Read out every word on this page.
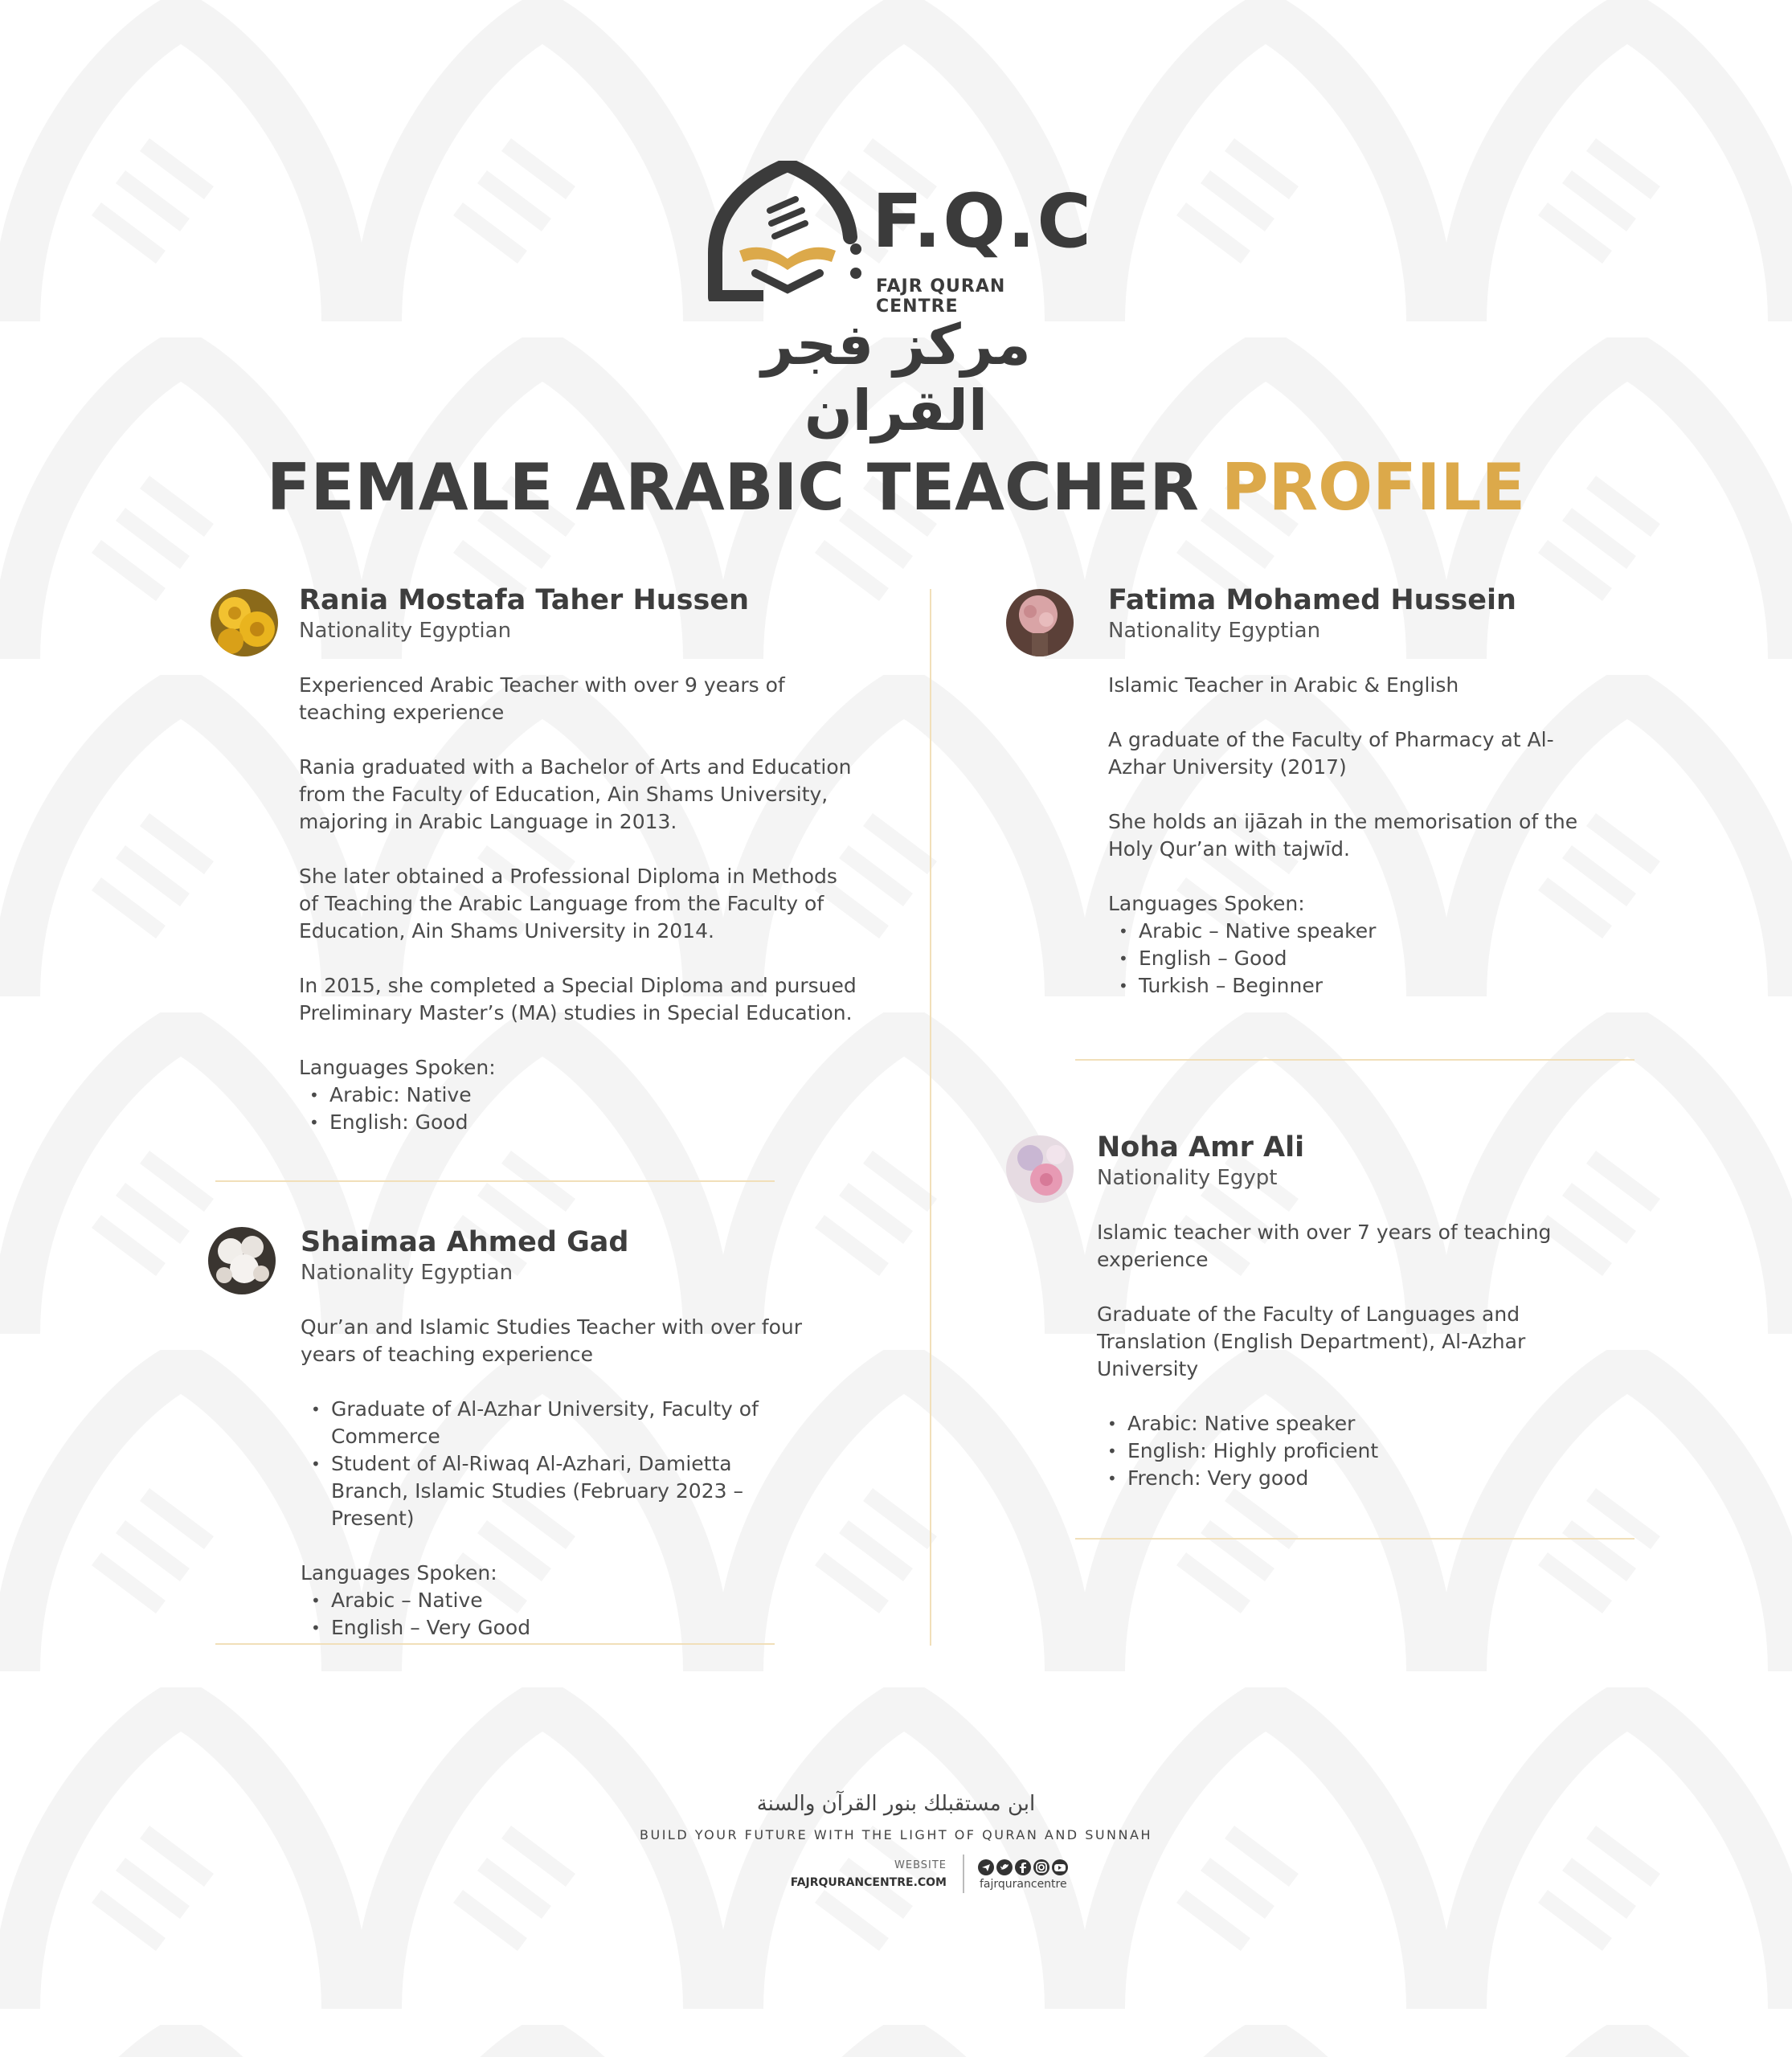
F.Q.C
FAJR QURAN CENTRE
مركز فجر القران
FEMALE ARABIC TEACHER PROFILE
Rania Mostafa Taher Hussen
Nationality Egyptian

Experienced Arabic Teacher with over 9 years of teaching experience

Rania graduated with a Bachelor of Arts and Education from the Faculty of Education, Ain Shams University, majoring in Arabic Language in 2013.

She later obtained a Professional Diploma in Methods of Teaching the Arabic Language from the Faculty of Education, Ain Shams University in 2014.

In 2015, she completed a Special Diploma and pursued Preliminary Master’s (MA) studies in Special Education.

Languages Spoken:
• Arabic: Native
• English: Good
Shaimaa Ahmed Gad
Nationality Egyptian

Qur’an and Islamic Studies Teacher with over four years of teaching experience

• Graduate of Al-Azhar University, Faculty of Commerce
• Student of Al-Riwaq Al-Azhari, Damietta Branch, Islamic Studies (February 2023 – Present)
Languages Spoken:
• Arabic – Native
• English – Very Good
Fatima Mohamed Hussein
Nationality Egyptian

Islamic Teacher in Arabic & English

A graduate of the Faculty of Pharmacy at Al-Azhar University (2017)

She holds an ijāzah in the memorisation of the Holy Qur’an with tajwīd.

Languages Spoken:
• Arabic – Native speaker
• English – Good
• Turkish – Beginner
Noha Amr Ali
Nationality Egypt

Islamic teacher with over 7 years of teaching experience

Graduate of the Faculty of Languages and Translation (English Department), Al-Azhar University

• Arabic: Native speaker
• English: Highly proficient
• French: Very good
ابن مستقبلك بنور القرآن والسنة
BUILD YOUR FUTURE WITH THE LIGHT OF QURAN AND SUNNAH
WEBSITE
FAJRQURANCENTRE.COM	fajrqurancentre
